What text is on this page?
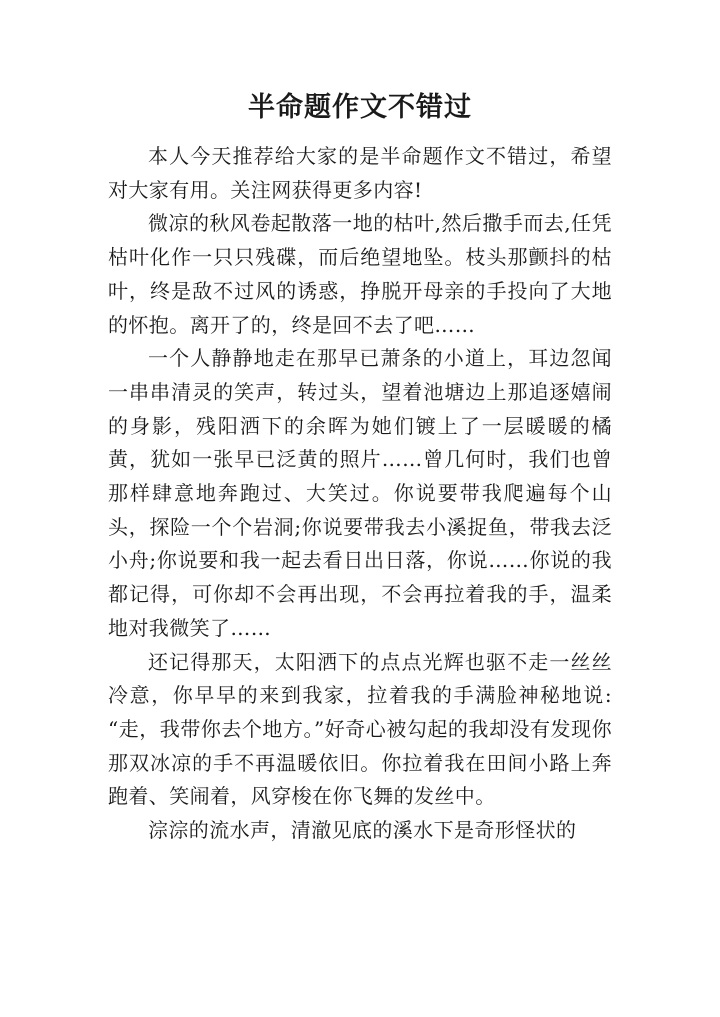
半命题作文不错过

本人今天推荐给大家的是半命题作文不错过，希望对大家有用。关注网获得更多内容!

微凉的秋风卷起散落一地的枯叶,然后撒手而去,任凭枯叶化作一只只残碟，而后绝望地坠。枝头那颤抖的枯叶，终是敌不过风的诱惑，挣脱开母亲的手投向了大地的怀抱。离开了的，终是回不去了吧……

一个人静静地走在那早已萧条的小道上，耳边忽闻一串串清灵的笑声，转过头，望着池塘边上那追逐嬉闹的身影，残阳洒下的余晖为她们镀上了一层暖暖的橘黄，犹如一张早已泛黄的照片……曾几何时，我们也曾那样肆意地奔跑过、大笑过。你说要带我爬遍每个山头，探险一个个岩洞;你说要带我去小溪捉鱼，带我去泛小舟;你说要和我一起去看日出日落，你说……你说的我都记得，可你却不会再出现，不会再拉着我的手，温柔地对我微笑了……

还记得那天，太阳洒下的点点光辉也驱不走一丝丝冷意，你早早的来到我家，拉着我的手满脸神秘地说: “走，我带你去个地方。”好奇心被勾起的我却没有发现你那双冰凉的手不再温暖依旧。你拉着我在田间小路上奔跑着、笑闹着，风穿梭在你飞舞的发丝中。

淙淙的流水声，清澈见底的溪水下是奇形怪状的
